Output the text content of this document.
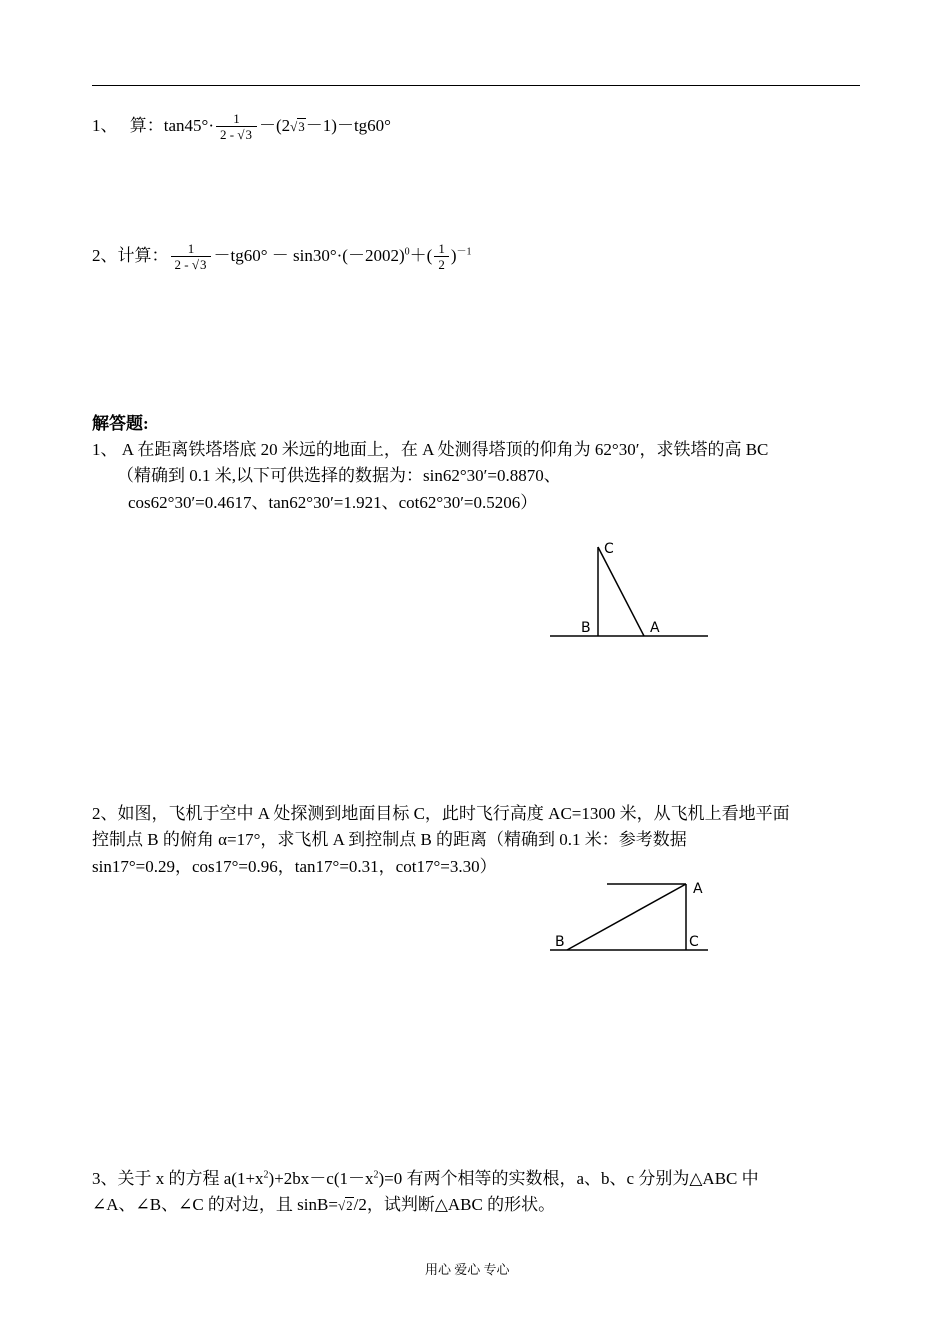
1、 算：$\tan 45^\circ\cdot \frac{1}{2 - √3} -(2√3-1)-tg60^\circ$
2、计算： $\frac{1}{2 - √3} -tg60^\circ - \sin 30^\circ\cdot(-2002)^0+( \frac{1}{2} )^{-1}$
解答题:
1、 A 在距离铁塔塔底 20 米远的地面上，在 A 处测得塔顶的仰角为 62°30′，求铁塔的高 BC
（精确到 0.1 米,以下可供选择的数据为：sin62°30′=0.8870、
cos62°30′=0.4617、tan62°30′=1.921、cot62°30′=0.5206）
C
B	A
2、如图，飞机于空中 A 处探测到地面目标 C，此时飞行高度 AC=1300 米，从飞机上看地平面
控制点 B 的俯角 α=17°，求飞机 A 到控制点 B 的距离（精确到 0.1 米：参考数据
sin17°=0.29，cos17°=0.96，tan17°=0.31，cot17°=3.30）
A
B	C
3、关于 x 的方程 $a(1+x^2)+2bx-c(1-x^2)=0$ 有两个相等的实数根，a、b、c 分别为△ABC 中
∠A、∠B、∠C 的对边，且 sinB=√2/2，试判断△ABC 的形状。
用心 爱心 专心
